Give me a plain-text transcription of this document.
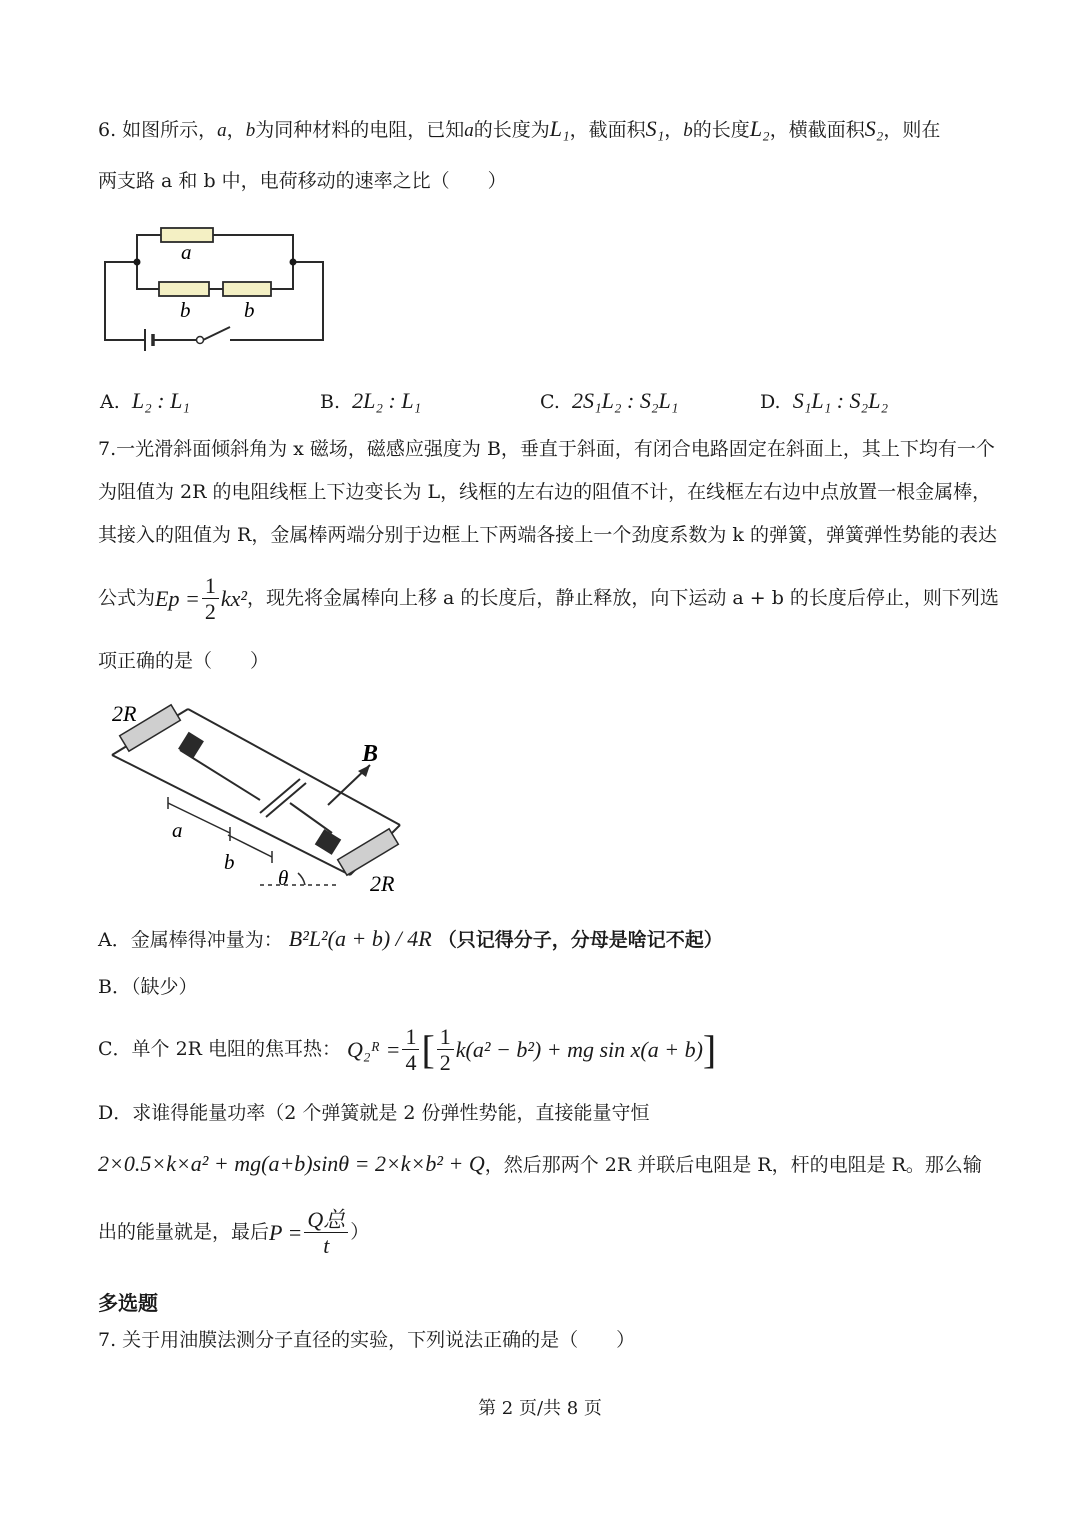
6. 如图所示，a，b为同种材料的电阻，已知a的长度为L₁，截面积S₁，b的长度L₂，横截面积S₂，则在
两支路 a 和 b 中，电荷移动的速率之比（　　）
a
b	b
A. L₂ : L₁	B. 2L₂ : L₁	C. 2S₁L₂ : S₂L₁	D. S₁L₁ : S₂L₂
7.一光滑斜面倾斜角为 x 磁场，磁感应强度为 B，垂直于斜面，有闭合电路固定在斜面上，其上下均有一个
为阻值为 2R 的电阻线框上下边变长为 L，线框的左右边的阻值不计，在线框左右边中点放置一根金属棒，
其接入的阻值为 R，金属棒两端分别于边框上下两端各接上一个劲度系数为 k 的弹簧，弹簧弹性势能的表达
公式为 $Ep = \frac{1}{2} kx^2$ ，现先将金属棒向上移 a 的长度后，静止释放，向下运动 a + b 的长度后停止，则下列选
项正确的是（　　）
2R
2R
B
a
b
θ
A．金属棒得冲量为： B²L²(a + b) / 4R （只记得分子，分母是啥记不起）
B．（缺少）
C．单个 2R 电阻的焦耳热： Q₂ᴿ = $\frac{1}{4}$ [ $\frac{1}{2} k(a^2 - b^2)$ + mg sin x(a + b) ]
D．求谁得能量功率（2 个弹簧就是 2 份弹性势能，直接能量守恒
2×0.5×k×a² + mg(a+b)sinθ = 2×k×b² + Q，然后那两个 2R 并联后电阻是 R，杆的电阻是 R。那么输
出的能量就是，最后 $P = \frac{\text{Q总}}{t}$ ）
多选题
7. 关于用油膜法测分子直径的实验，下列说法正确的是（　　）
第 2 页/共 8 页
